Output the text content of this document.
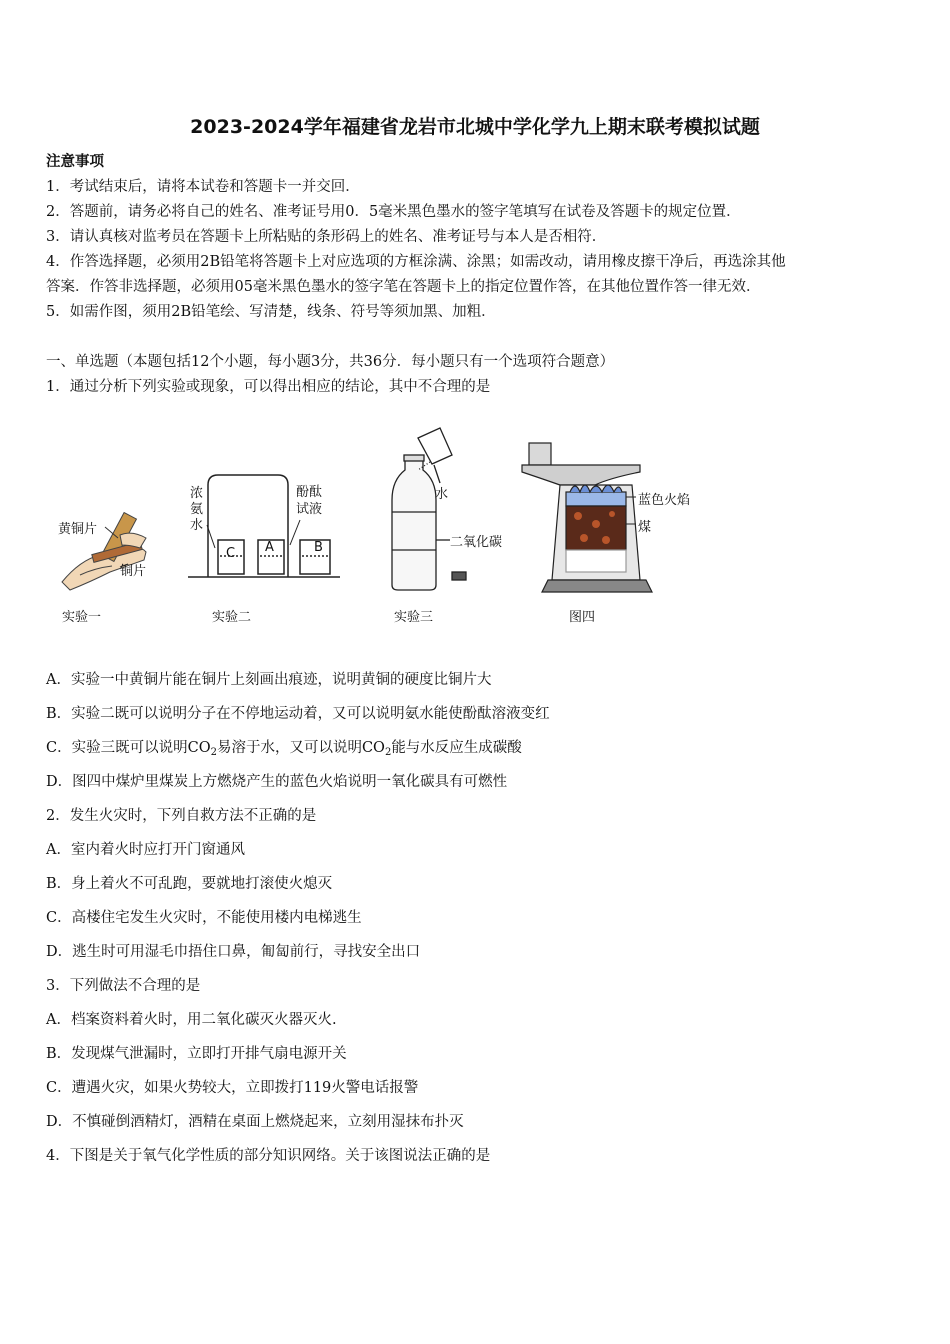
2023-2024学年福建省龙岩市北城中学化学九上期末联考模拟试题
注意事项
1．考试结束后，请将本试卷和答题卡一并交回．
2．答题前，请务必将自己的姓名、准考证号用0．5毫米黑色墨水的签字笔填写在试卷及答题卡的规定位置．
3．请认真核对监考员在答题卡上所粘贴的条形码上的姓名、准考证号与本人是否相符．
4．作答选择题，必须用2B铅笔将答题卡上对应选项的方框涂满、涂黑；如需改动，请用橡皮擦干净后，再选涂其他
答案．作答非选择题，必须用05毫米黑色墨水的签字笔在答题卡上的指定位置作答，在其他位置作答一律无效．
5．如需作图，须用2B铅笔绘、写清楚，线条、符号等须加黑、加粗．
一、单选题（本题包括12个小题，每小题3分，共36分．每小题只有一个选项符合题意）
1．通过分析下列实验或现象，可以得出相应的结论，其中不合理的是
黄铜片
铜片
实验一
浓氨水
酚酞试液
C A	B
实验二
水
二氧化碳
实验三
蓝色火焰
煤
图四
A．实验一中黄铜片能在铜片上刻画出痕迹，说明黄铜的硬度比铜片大
B．实验二既可以说明分子在不停地运动着，又可以说明氨水能使酚酞溶液变红
C．实验三既可以说明$CO_2$易溶于水，又可以说明$CO_2$能与水反应生成碳酸
D．图四中煤炉里煤炭上方燃烧产生的蓝色火焰说明一氧化碳具有可燃性
2．发生火灾时，下列自救方法不正确的是
A．室内着火时应打开门窗通风
B．身上着火不可乱跑，要就地打滚使火熄灭
C．高楼住宅发生火灾时，不能使用楼内电梯逃生
D．逃生时可用湿毛巾捂住口鼻，匍匐前行，寻找安全出口
3．下列做法不合理的是
A．档案资料着火时，用二氧化碳灭火器灭火.
B．发现煤气泄漏时，立即打开排气扇电源开关
C．遭遇火灾，如果火势较大，立即拨打119火警电话报警
D．不慎碰倒酒精灯，酒精在桌面上燃烧起来，立刻用湿抹布扑灭
4．下图是关于氧气化学性质的部分知识网络。关于该图说法正确的是
